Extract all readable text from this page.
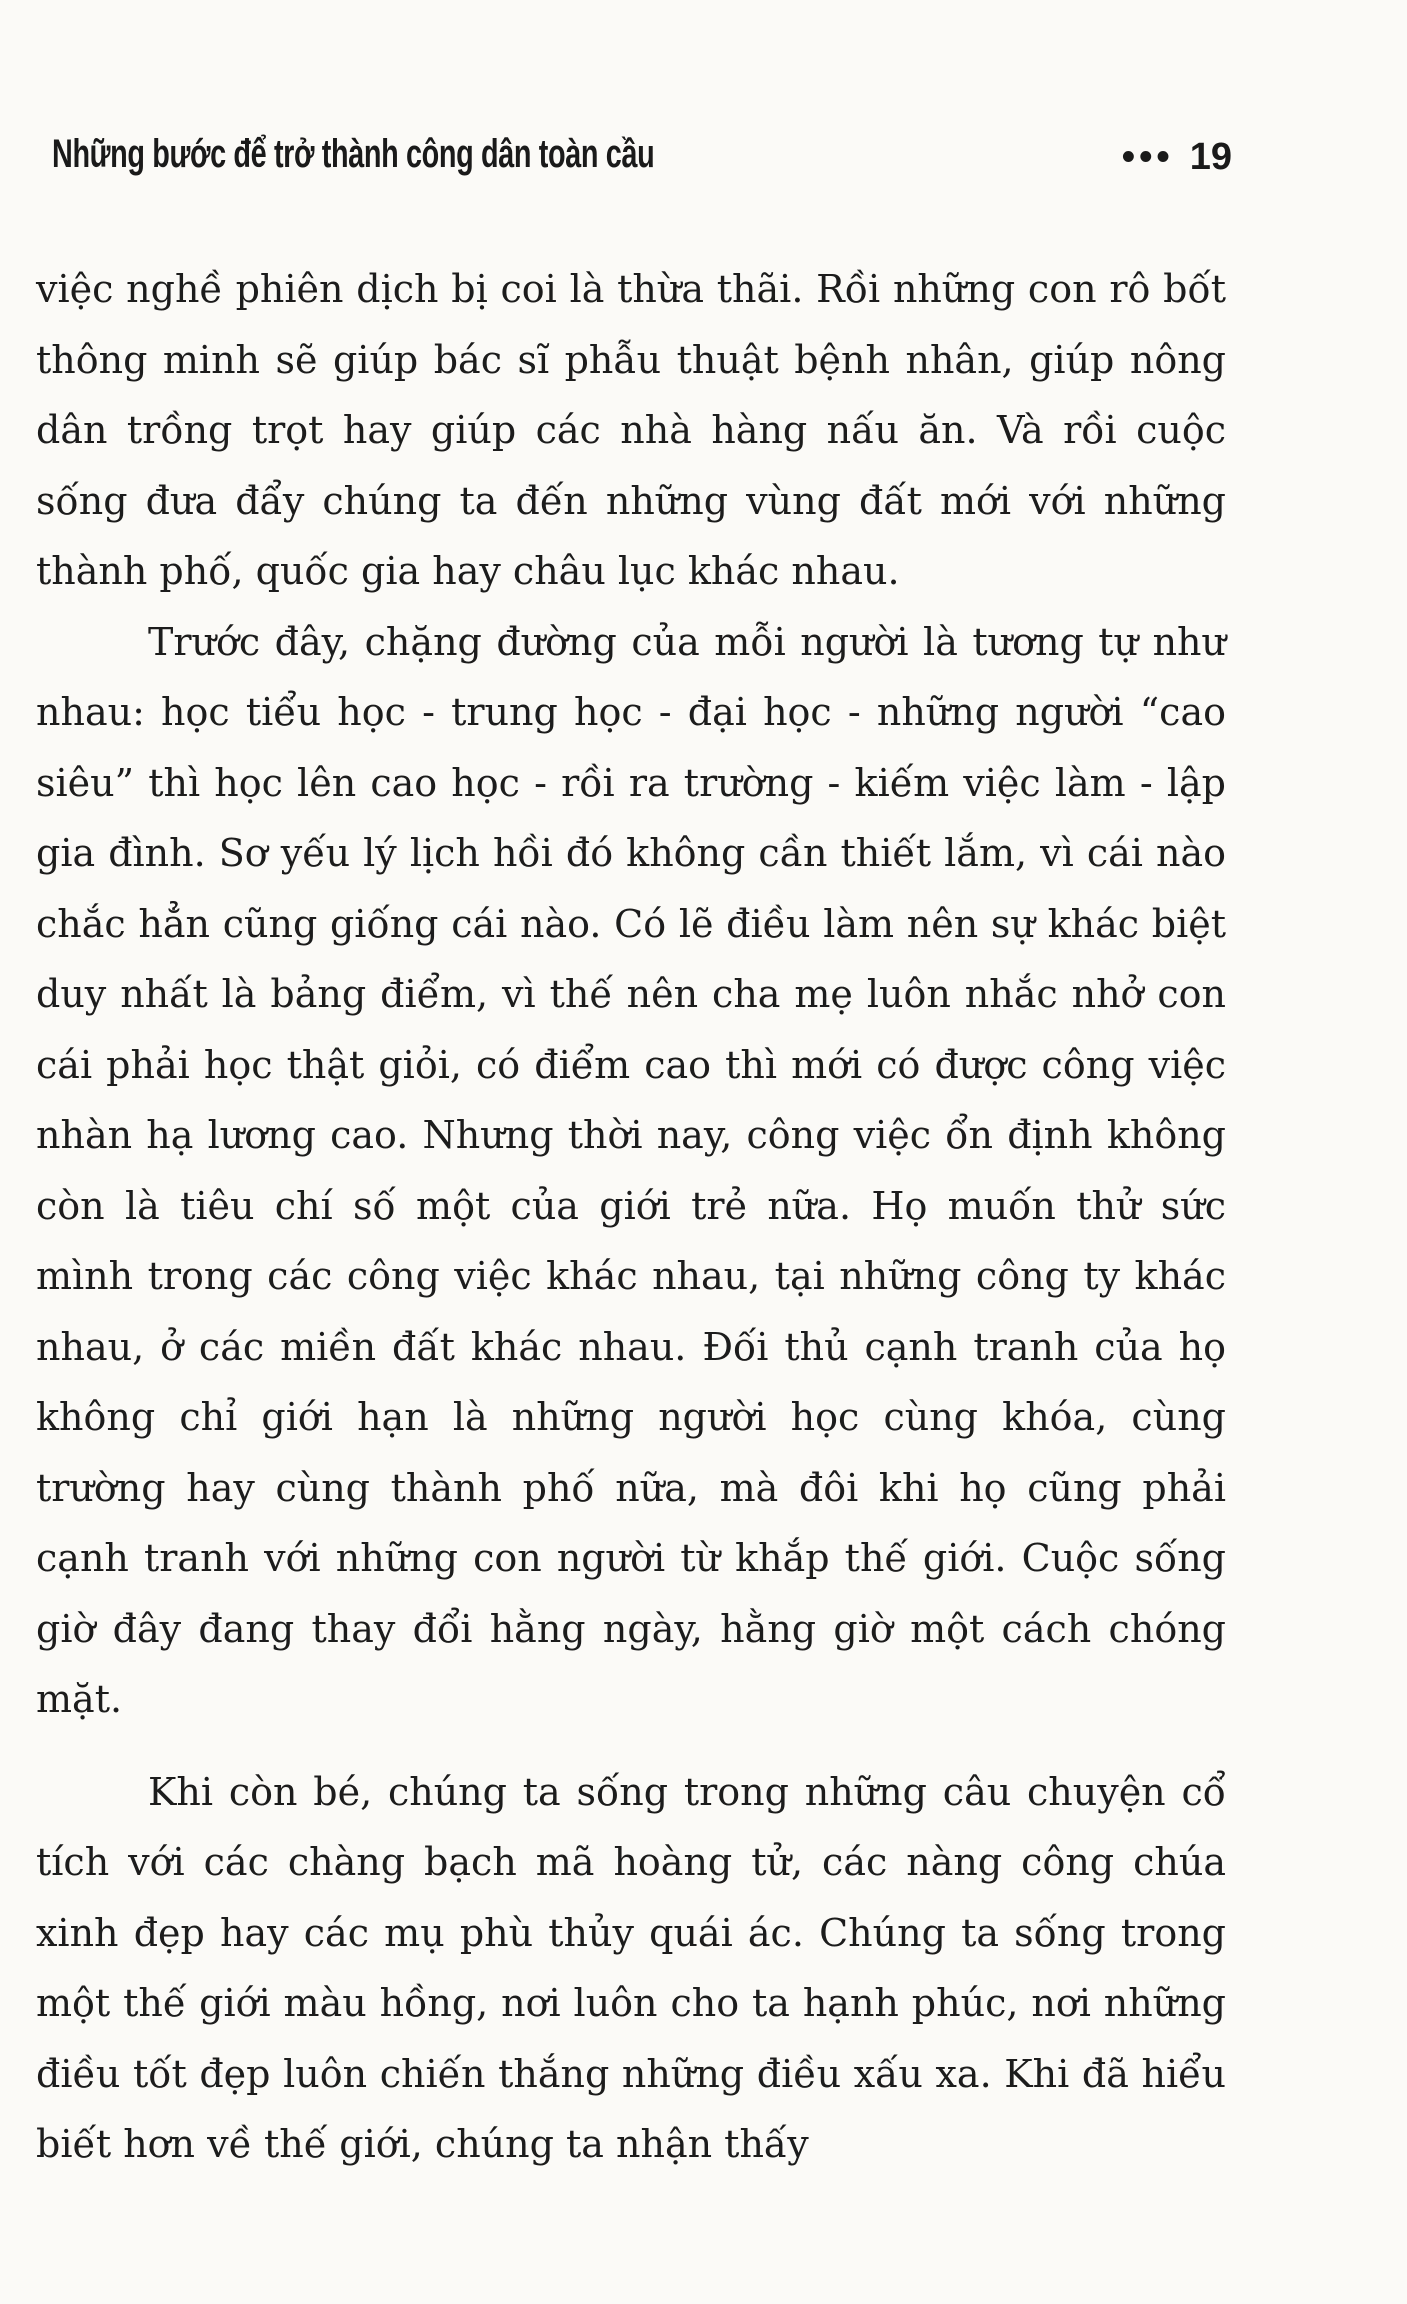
Những bước để trở thành công dân toàn cầu	••• 19

việc nghề phiên dịch bị coi là thừa thãi. Rồi những con rô bốt thông minh sẽ giúp bác sĩ phẫu thuật bệnh nhân, giúp nông dân trồng trọt hay giúp các nhà hàng nấu ăn. Và rồi cuộc sống đưa đẩy chúng ta đến những vùng đất mới với những thành phố, quốc gia hay châu lục khác nhau.

Trước đây, chặng đường của mỗi người là tương tự như nhau: học tiểu học - trung học - đại học - những người “cao siêu” thì học lên cao học - rồi ra trường - kiếm việc làm - lập gia đình. Sơ yếu lý lịch hồi đó không cần thiết lắm, vì cái nào chắc hẳn cũng giống cái nào. Có lẽ điều làm nên sự khác biệt duy nhất là bảng điểm, vì thế nên cha mẹ luôn nhắc nhở con cái phải học thật giỏi, có điểm cao thì mới có được công việc nhàn hạ lương cao. Nhưng thời nay, công việc ổn định không còn là tiêu chí số một của giới trẻ nữa. Họ muốn thử sức mình trong các công việc khác nhau, tại những công ty khác nhau, ở các miền đất khác nhau. Đối thủ cạnh tranh của họ không chỉ giới hạn là những người học cùng khóa, cùng trường hay cùng thành phố nữa, mà đôi khi họ cũng phải cạnh tranh với những con người từ khắp thế giới. Cuộc sống giờ đây đang thay đổi hằng ngày, hằng giờ một cách chóng mặt.

Khi còn bé, chúng ta sống trong những câu chuyện cổ tích với các chàng bạch mã hoàng tử, các nàng công chúa xinh đẹp hay các mụ phù thủy quái ác. Chúng ta sống trong một thế giới màu hồng, nơi luôn cho ta hạnh phúc, nơi những điều tốt đẹp luôn chiến thắng những điều xấu xa. Khi đã hiểu biết hơn về thế giới, chúng ta nhận thấy
